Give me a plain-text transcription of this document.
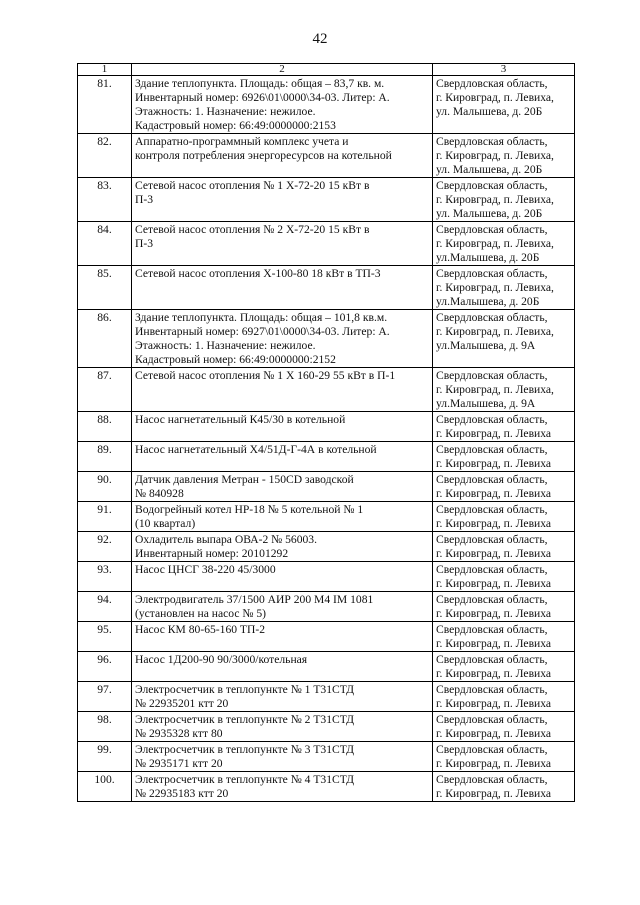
42
1	2	3
81.	Здание теплопункта. Площадь: общая – 83,7 кв. м.
Инвентарный номер: 6926\01\0000\34-03. Литер: А.
Этажность: 1. Назначение: нежилое.
Кадастровый номер: 66:49:0000000:2153	Свердловская область,
г. Кировград, п. Левиха,
ул. Малышева, д. 20Б

82.	Аппаратно-программный комплекс учета и
контроля потребления энергоресурсов на котельной	Свердловская область,
г. Кировград, п. Левиха,
ул. Малышева, д. 20Б

83.	Сетевой насос отопления № 1 Х-72-20 15 кВт в
П-3	Свердловская область,
г. Кировград, п. Левиха,
ул. Малышева, д. 20Б

84.	Сетевой насос отопления № 2 Х-72-20 15 кВт в
П-3	Свердловская область,
г. Кировград, п. Левиха,
ул.Малышева, д. 20Б

85.	Сетевой насос отопления Х-100-80 18 кВт в ТП-3	Свердловская область,
г. Кировград, п. Левиха,
ул.Малышева, д. 20Б

86.	Здание теплопункта. Площадь: общая – 101,8 кв.м.
Инвентарный номер: 6927\01\0000\34-03. Литер: А.
Этажность: 1. Назначение: нежилое.
Кадастровый номер: 66:49:0000000:2152	Свердловская область,
г. Кировград, п. Левиха,
ул.Малышева, д. 9А

87.	Сетевой насос отопления № 1 Х 160-29 55 кВт в П-1	Свердловская область,
г. Кировград, п. Левиха,
ул.Малышева, д. 9А

88.	Насос нагнетательный К45/30 в котельной	Свердловская область,
г. Кировград, п. Левиха

89.	Насос нагнетательный Х4/51Д-Г-4А в котельной	Свердловская область,
г. Кировград, п. Левиха

90.	Датчик давления Метран - 150CD заводской
№ 840928	Свердловская область,
г. Кировград, п. Левиха

91.	Водогрейный котел НР-18 № 5 котельной № 1
(10 квартал)	Свердловская область,
г. Кировград, п. Левиха

92.	Охладитель выпара ОВА-2 № 56003.
Инвентарный номер: 20101292	Свердловская область,
г. Кировград, п. Левиха

93.	Насос ЦНСГ 38-220 45/3000	Свердловская область,
г. Кировград, п. Левиха

94.	Электродвигатель 37/1500 АИР 200 М4 IM 1081
(установлен на насос № 5)	Свердловская область,
г. Кировград, п. Левиха

95.	Насос КМ 80-65-160 ТП-2	Свердловская область,
г. Кировград, п. Левиха

96.	Насос 1Д200-90 90/3000/котельная	Свердловская область,
г. Кировград, п. Левиха

97.	Электросчетчик в теплопункте № 1 Т31СТД
№ 22935201 ктт 20	Свердловская область,
г. Кировград, п. Левиха

98.	Электросчетчик в теплопункте № 2 Т31СТД
№ 2935328 ктт 80	Свердловская область,
г. Кировград, п. Левиха

99.	Электросчетчик в теплопункте № 3 Т31СТД
№ 2935171 ктт 20	Свердловская область,
г. Кировград, п. Левиха

100.	Электросчетчик в теплопункте № 4 Т31СТД
№ 22935183 ктт 20	Свердловская область,
г. Кировград, п. Левиха
